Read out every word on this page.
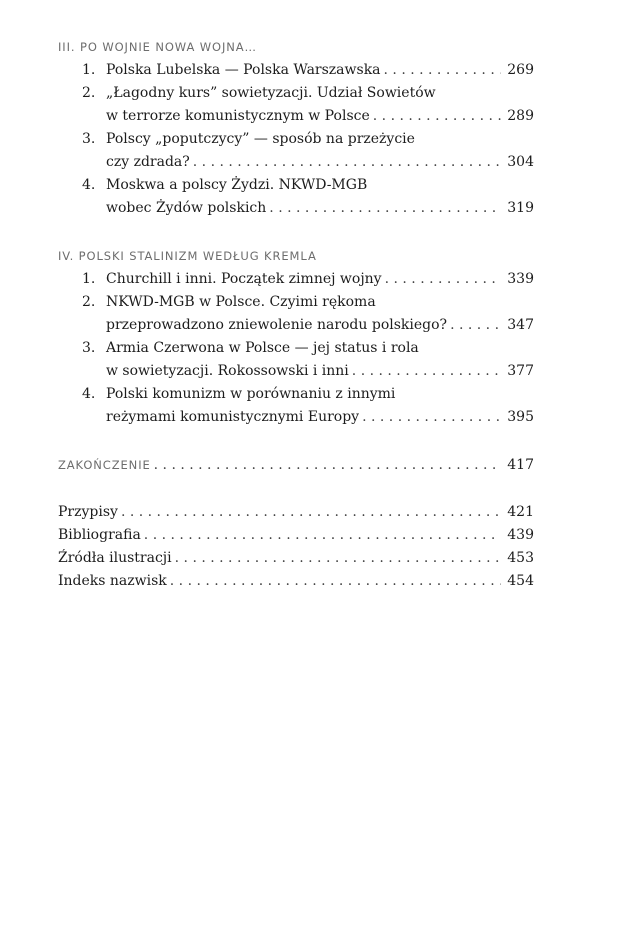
III. PO WOJNIE NOWA WOJNA…
1. Polska Lubelska — Polska Warszawska . . .	269
2. „Łagodny kurs” sowietyzacji. Udział Sowietów
w terrorze komunistycznym w Polsce . . .	289
3. Polscy „poputczycy” — sposób na przeżycie
czy zdrada? . . .	304
4. Moskwa a polscy Żydzi. NKWD-MGB
wobec Żydów polskich . . .	319
IV. POLSKI STALINIZM WEDŁUG KREMLA
1. Churchill i inni. Początek zimnej wojny . . .	339
2. NKWD-MGB w Polsce. Czyimi rękoma
przeprowadzono zniewolenie narodu polskiego? . . .	347
3. Armia Czerwona w Polsce — jej status i rola
w sowietyzacji. Rokossowski i inni . . .	377
4. Polski komunizm w porównaniu z innymi
reżymami komunistycznymi Europy . . .	395
ZAKOŃCZENIE . . .	417
Przypisy . . .	421
Bibliografia . . .	439
Źródła ilustracji . . .	453
Indeks nazwisk . . .	454
